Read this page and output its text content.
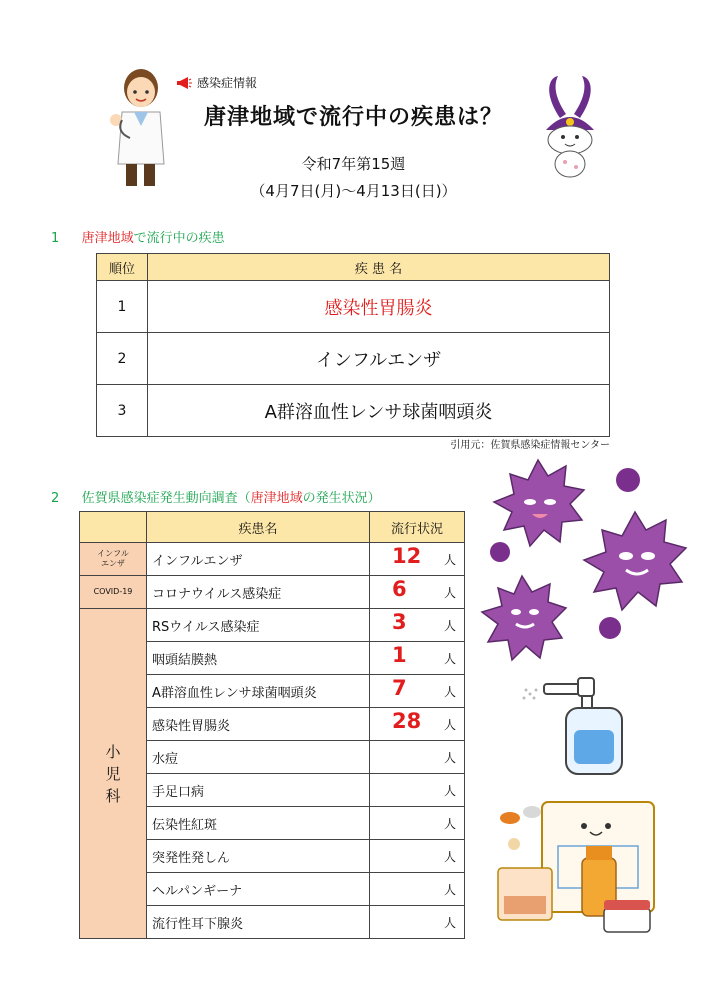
感染症情報
唐津地域で流行中の疾患は？
令和7年第15週
（4月7日(月)～4月13日(日)）
1 唐津地域で流行中の疾患
順位	疾 患 名
1	感染性胃腸炎
2	インフルエンザ
3	A群溶血性レンサ球菌咽頭炎
引用元：佐賀県感染症情報センター
2 佐賀県感染症発生動向調査（唐津地域の発生状況）
	疾患名	流行状況
インフル
エンザ	インフルエンザ	12 人

COVID-19	コロナウイルス感染症	6 人

小
児
科	RSウイルス感染症	3 人

	咽頭結膜熱	1 人

	A群溶血性レンサ球菌咽頭炎	7 人

	感染性胃腸炎	28 人

	水痘	人

	手足口病	人

	伝染性紅斑	人

	突発性発しん	人

	ヘルパンギーナ	人

	流行性耳下腺炎	人
